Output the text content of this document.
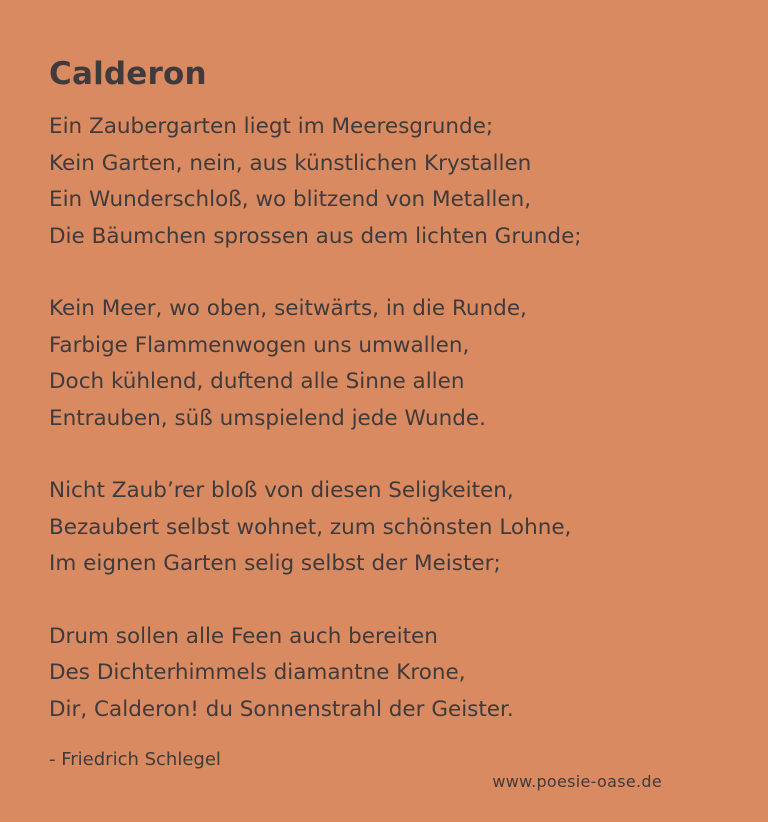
Calderon
Ein Zaubergarten liegt im Meeresgrunde;
Kein Garten, nein, aus künstlichen Krystallen
Ein Wunderschloß, wo blitzend von Metallen,
Die Bäumchen sprossen aus dem lichten Grunde;
Kein Meer, wo oben, seitwärts, in die Runde,
Farbige Flammenwogen uns umwallen,
Doch kühlend, duftend alle Sinne allen
Entrauben, süß umspielend jede Wunde.
Nicht Zaub’rer bloß von diesen Seligkeiten,
Bezaubert selbst wohnet, zum schönsten Lohne,
Im eignen Garten selig selbst der Meister;
Drum sollen alle Feen auch bereiten
Des Dichterhimmels diamantne Krone,
Dir, Calderon! du Sonnenstrahl der Geister.
- Friedrich Schlegel
www.poesie-oase.de
